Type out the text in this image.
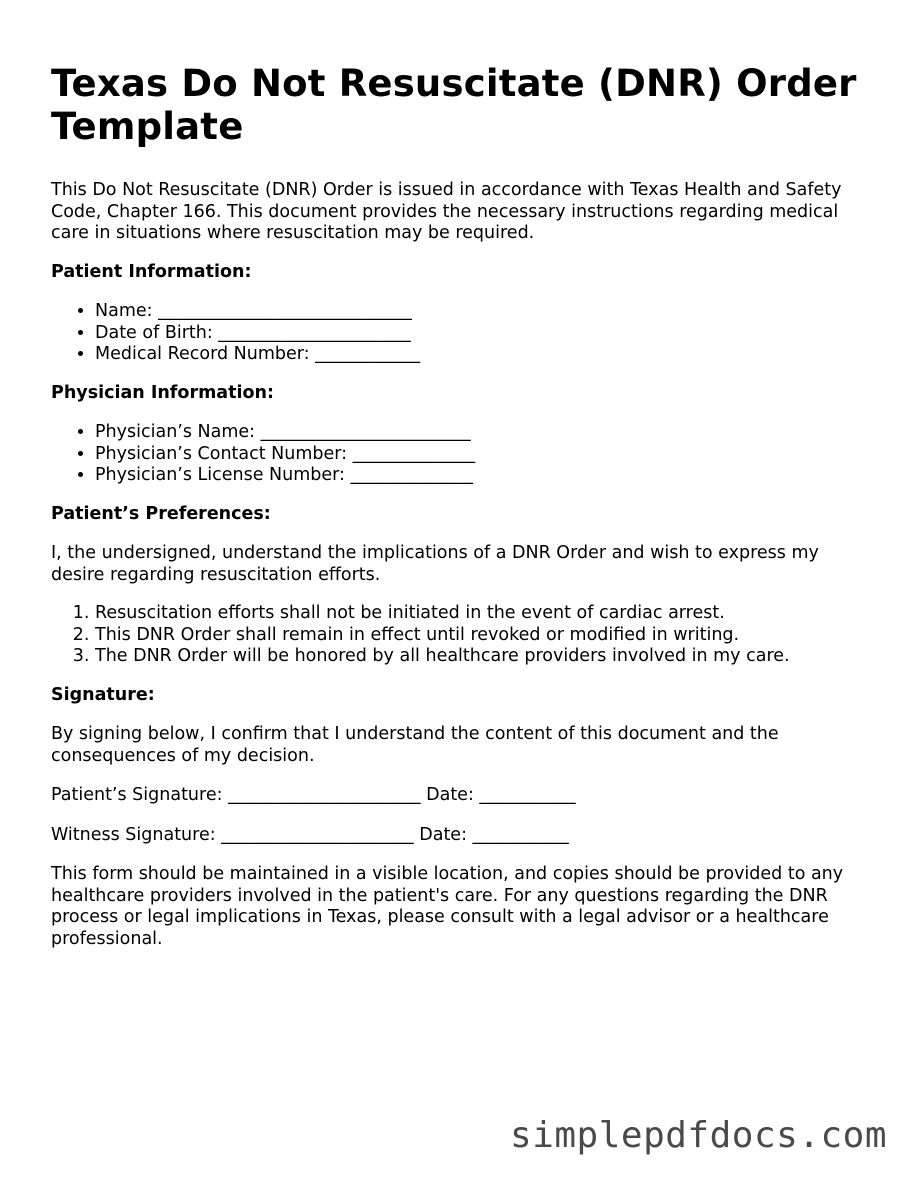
Texas Do Not Resuscitate (DNR) Order Template

This Do Not Resuscitate (DNR) Order is issued in accordance with Texas Health and Safety Code, Chapter 166. This document provides the necessary instructions regarding medical care in situations where resuscitation may be required.

Patient Information:
• Name: _____________________________
• Date of Birth: ______________________
• Medical Record Number: ____________
Physician Information:
• Physician’s Name: ________________________
• Physician’s Contact Number: ______________
• Physician’s License Number: ______________
Patient’s Preferences:

I, the undersigned, understand the implications of a DNR Order and wish to express my desire regarding resuscitation efforts.

1. Resuscitation efforts shall not be initiated in the event of cardiac arrest.
2. This DNR Order shall remain in effect until revoked or modified in writing.
3. The DNR Order will be honored by all healthcare providers involved in my care.
Signature:

By signing below, I confirm that I understand the content of this document and the consequences of my decision.

Patient’s Signature: ______________________ Date: ___________

Witness Signature: ______________________ Date: ___________

This form should be maintained in a visible location, and copies should be provided to any healthcare providers involved in the patient's care. For any questions regarding the DNR process or legal implications in Texas, please consult with a legal advisor or a healthcare professional.

simplepdfdocs.com
